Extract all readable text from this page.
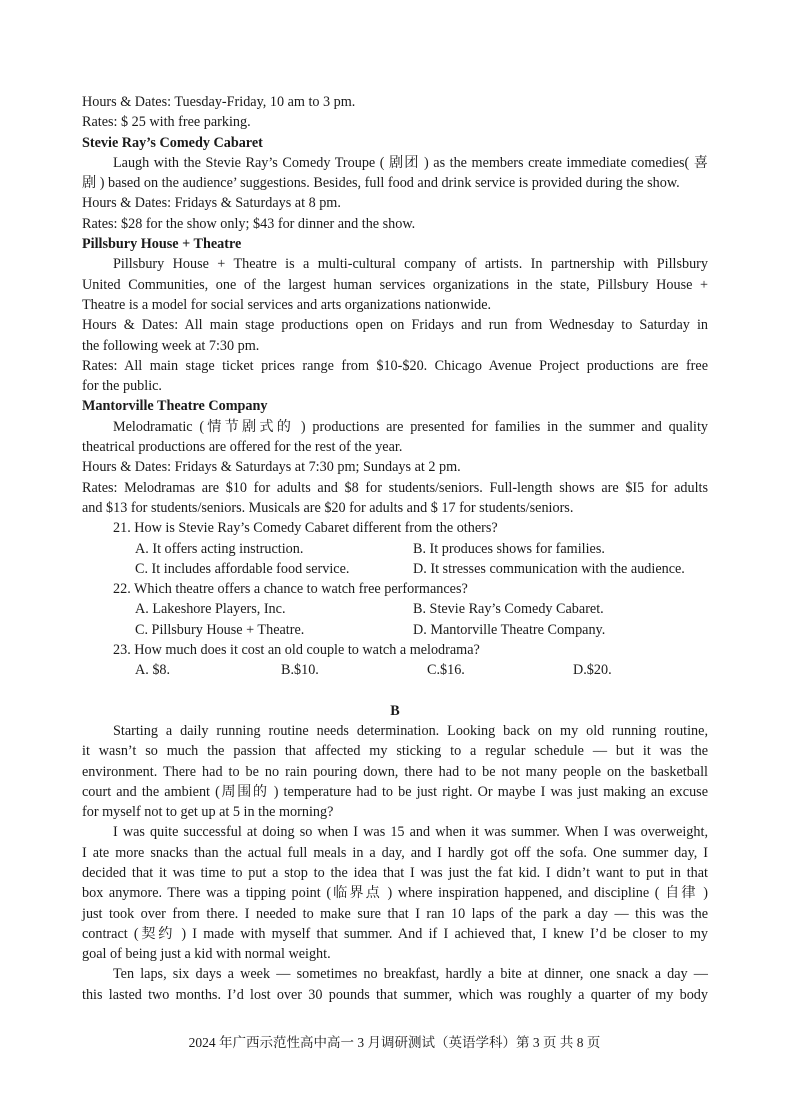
Hours & Dates: Tuesday-Friday, 10 am to 3 pm.
Rates: $ 25 with free parking.
Stevie Ray’s Comedy Cabaret
Laugh with the Stevie Ray’s Comedy Troupe ( 剧团 ) as the members create immediate comedies( 喜
剧 ) based on the audience’ suggestions. Besides, full food and drink service is provided during the show.
Hours & Dates: Fridays & Saturdays at 8 pm.
Rates: $28 for the show only; $43 for dinner and the show.
Pillsbury House + Theatre
Pillsbury House + Theatre is a multi-cultural company of artists. In partnership with Pillsbury
United Communities, one of the largest human services organizations in the state, Pillsbury House +
Theatre is a model for social services and arts organizations nationwide.
Hours & Dates: All main stage productions open on Fridays and run from Wednesday to Saturday in
the following week at 7:30 pm.
Rates: All main stage ticket prices range from $10-$20. Chicago Avenue Project productions are free
for the public.
Mantorville Theatre Company
Melodramatic (情节剧式的 ) productions are presented for families in the summer and quality
theatrical productions are offered for the rest of the year.
Hours & Dates: Fridays & Saturdays at 7:30 pm; Sundays at 2 pm.
Rates: Melodramas are $10 for adults and $8 for students/seniors. Full-length shows are $I5 for adults
and $13 for students/seniors. Musicals are $20 for adults and $ 17 for students/seniors.
21. How is Stevie Ray’s Comedy Cabaret different from the others?
A. It offers acting instruction.	B. It produces shows for families.
C. It includes affordable food service.	D. It stresses communication with the audience.
22. Which theatre offers a chance to watch free performances?
A. Lakeshore Players, Inc.	B. Stevie Ray’s Comedy Cabaret.
C. Pillsbury House + Theatre.	D. Mantorville Theatre Company.
23. How much does it cost an old couple to watch a melodrama?
A. $8.	B.$10.	C.$16.	D.$20.
B
Starting a daily running routine needs determination. Looking back on my old running routine,
it wasn’t so much the passion that affected my sticking to a regular schedule — but it was the
environment. There had to be no rain pouring down, there had to be not many people on the basketball
court and the ambient (周围的 ) temperature had to be just right. Or maybe I was just making an excuse
for myself not to get up at 5 in the morning?
I was quite successful at doing so when I was 15 and when it was summer. When I was overweight,
I ate more snacks than the actual full meals in a day, and I hardly got off the sofa. One summer day, I
decided that it was time to put a stop to the idea that I was just the fat kid. I didn’t want to put in that
box anymore. There was a tipping point (临界点 ) where inspiration happened, and discipline ( 自律 )
just took over from there. I needed to make sure that I ran 10 laps of the park a day — this was the
contract (契约 ) I made with myself that summer. And if I achieved that, I knew I’d be closer to my
goal of being just a kid with normal weight.
Ten laps, six days a week — sometimes no breakfast, hardly a bite at dinner, one snack a day —
this lasted two months. I’d lost over 30 pounds that summer, which was roughly a quarter of my body
2024 年广西示范性高中高一 3 月调研测试（英语学科）第 3 页 共 8 页
